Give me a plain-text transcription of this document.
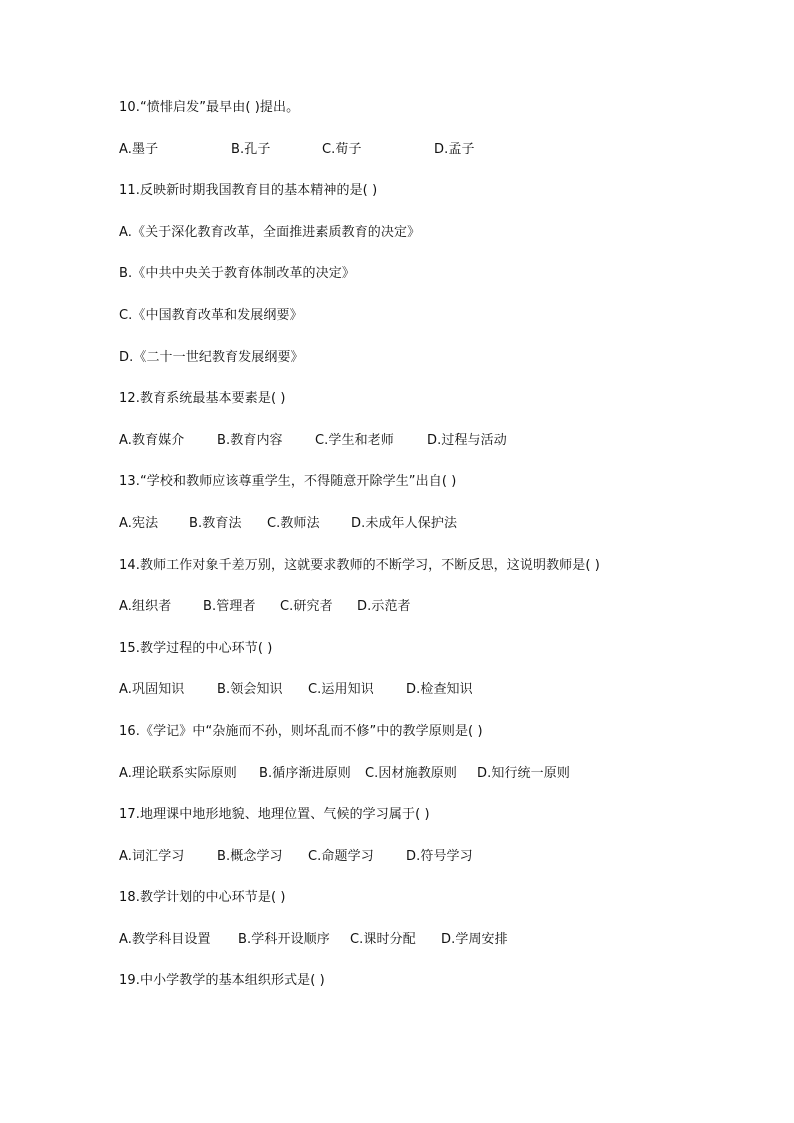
10.“愤悱启发”最早由( )提出。
A.墨子	B.孔子	C.荀子	D.孟子
11.反映新时期我国教育目的基本精神的是( )
A.《关于深化教育改革，全面推进素质教育的决定》
B.《中共中央关于教育体制改革的决定》
C.《中国教育改革和发展纲要》
D.《二十一世纪教育发展纲要》
12.教育系统最基本要素是( )
A.教育媒介	B.教育内容	C.学生和老师	D.过程与活动
13.“学校和教师应该尊重学生，不得随意开除学生”出自( )
A.宪法	B.教育法	C.教师法	D.未成年人保护法
14.教师工作对象千差万别，这就要求教师的不断学习，不断反思，这说明教师是( )
A.组织者	B.管理者	C.研究者	D.示范者
15.教学过程的中心环节( )
A.巩固知识	B.领会知识	C.运用知识	D.检查知识
16.《学记》中“杂施而不孙，则坏乱而不修”中的教学原则是( )
A.理论联系实际原则	B.循序渐进原则	C.因材施教原则	D.知行统一原则
17.地理课中地形地貌、地理位置、气候的学习属于( )
A.词汇学习	B.概念学习	C.命题学习	D.符号学习
18.教学计划的中心环节是( )
A.教学科目设置	B.学科开设顺序	C.课时分配	D.学周安排
19.中小学教学的基本组织形式是( )
